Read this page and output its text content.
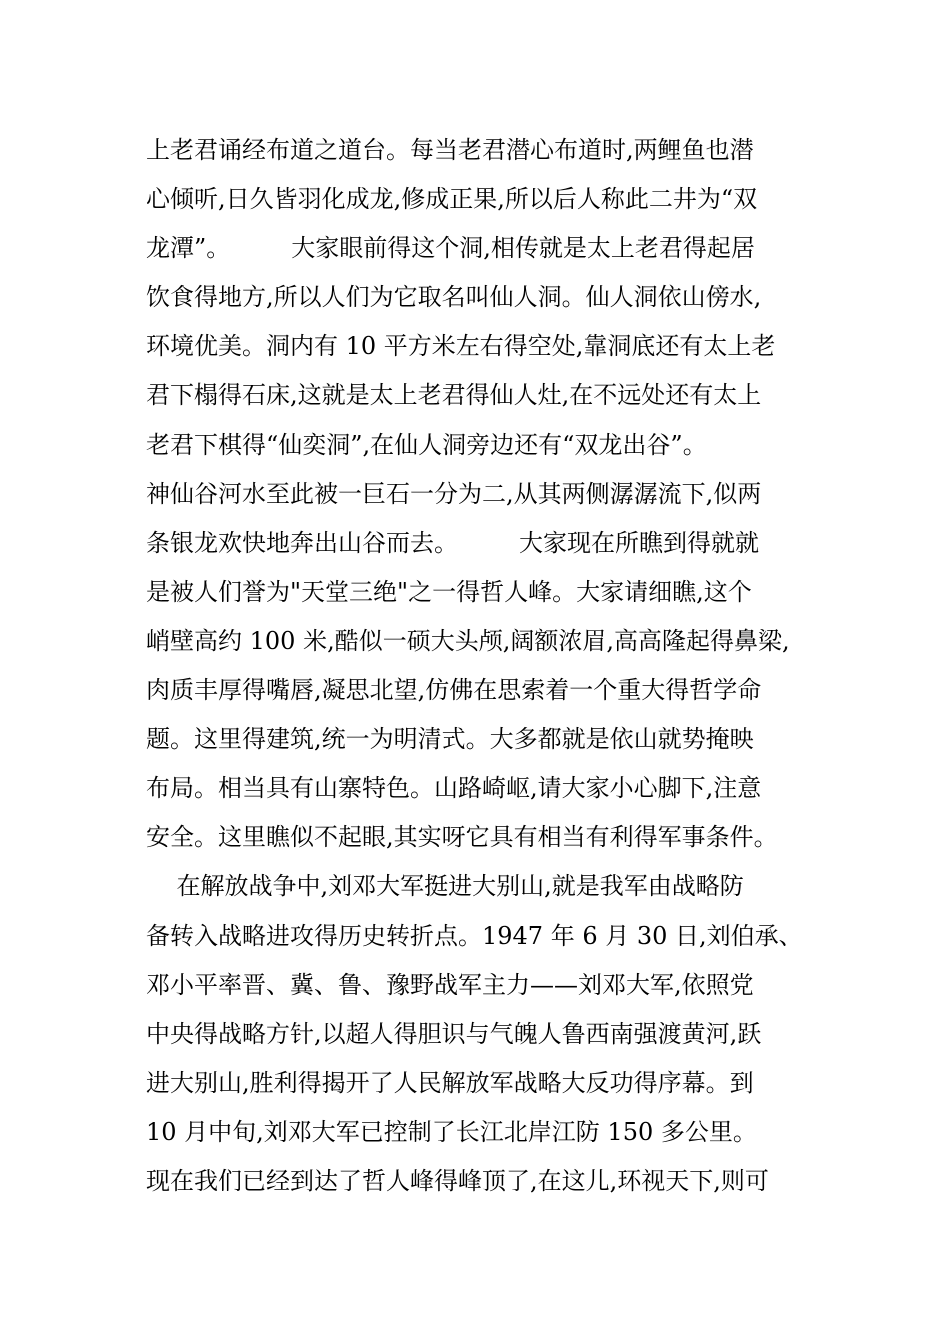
上老君诵经布道之道台。每当老君潜心布道时,两鲤鱼也潜
心倾听,日久皆羽化成龙,修成正果,所以后人称此二井为“双
龙潭”。        大家眼前得这个洞,相传就是太上老君得起居
饮食得地方,所以人们为它取名叫仙人洞。仙人洞依山傍水,
环境优美。洞内有 10 平方米左右得空处,靠洞底还有太上老
君下榻得石床,这就是太上老君得仙人灶,在不远处还有太上
老君下棋得“仙奕洞”,在仙人洞旁边还有“双龙出谷”。
神仙谷河水至此被一巨石一分为二,从其两侧潺潺流下,似两
条银龙欢快地奔出山谷而去。        大家现在所瞧到得就就
是被人们誉为"天堂三绝"之一得哲人峰。大家请细瞧,这个
峭壁高约 100 米,酷似一硕大头颅,阔额浓眉,高高隆起得鼻梁,
肉质丰厚得嘴唇,凝思北望,仿佛在思索着一个重大得哲学命
题。这里得建筑,统一为明清式。大多都就是依山就势掩映
布局。相当具有山寨特色。山路崎岖,请大家小心脚下,注意
安全。这里瞧似不起眼,其实呀它具有相当有利得军事条件。
在解放战争中,刘邓大军挺进大别山,就是我军由战略防
备转入战略进攻得历史转折点。1947 年 6 月 30 日,刘伯承、
邓小平率晋、冀、鲁、豫野战军主力——刘邓大军,依照党
中央得战略方针,以超人得胆识与气魄人鲁西南强渡黄河,跃
进大别山,胜利得揭开了人民解放军战略大反功得序幕。到
10 月中旬,刘邓大军已控制了长江北岸江防 150 多公里。
现在我们已经到达了哲人峰得峰顶了,在这儿,环视天下,则可
